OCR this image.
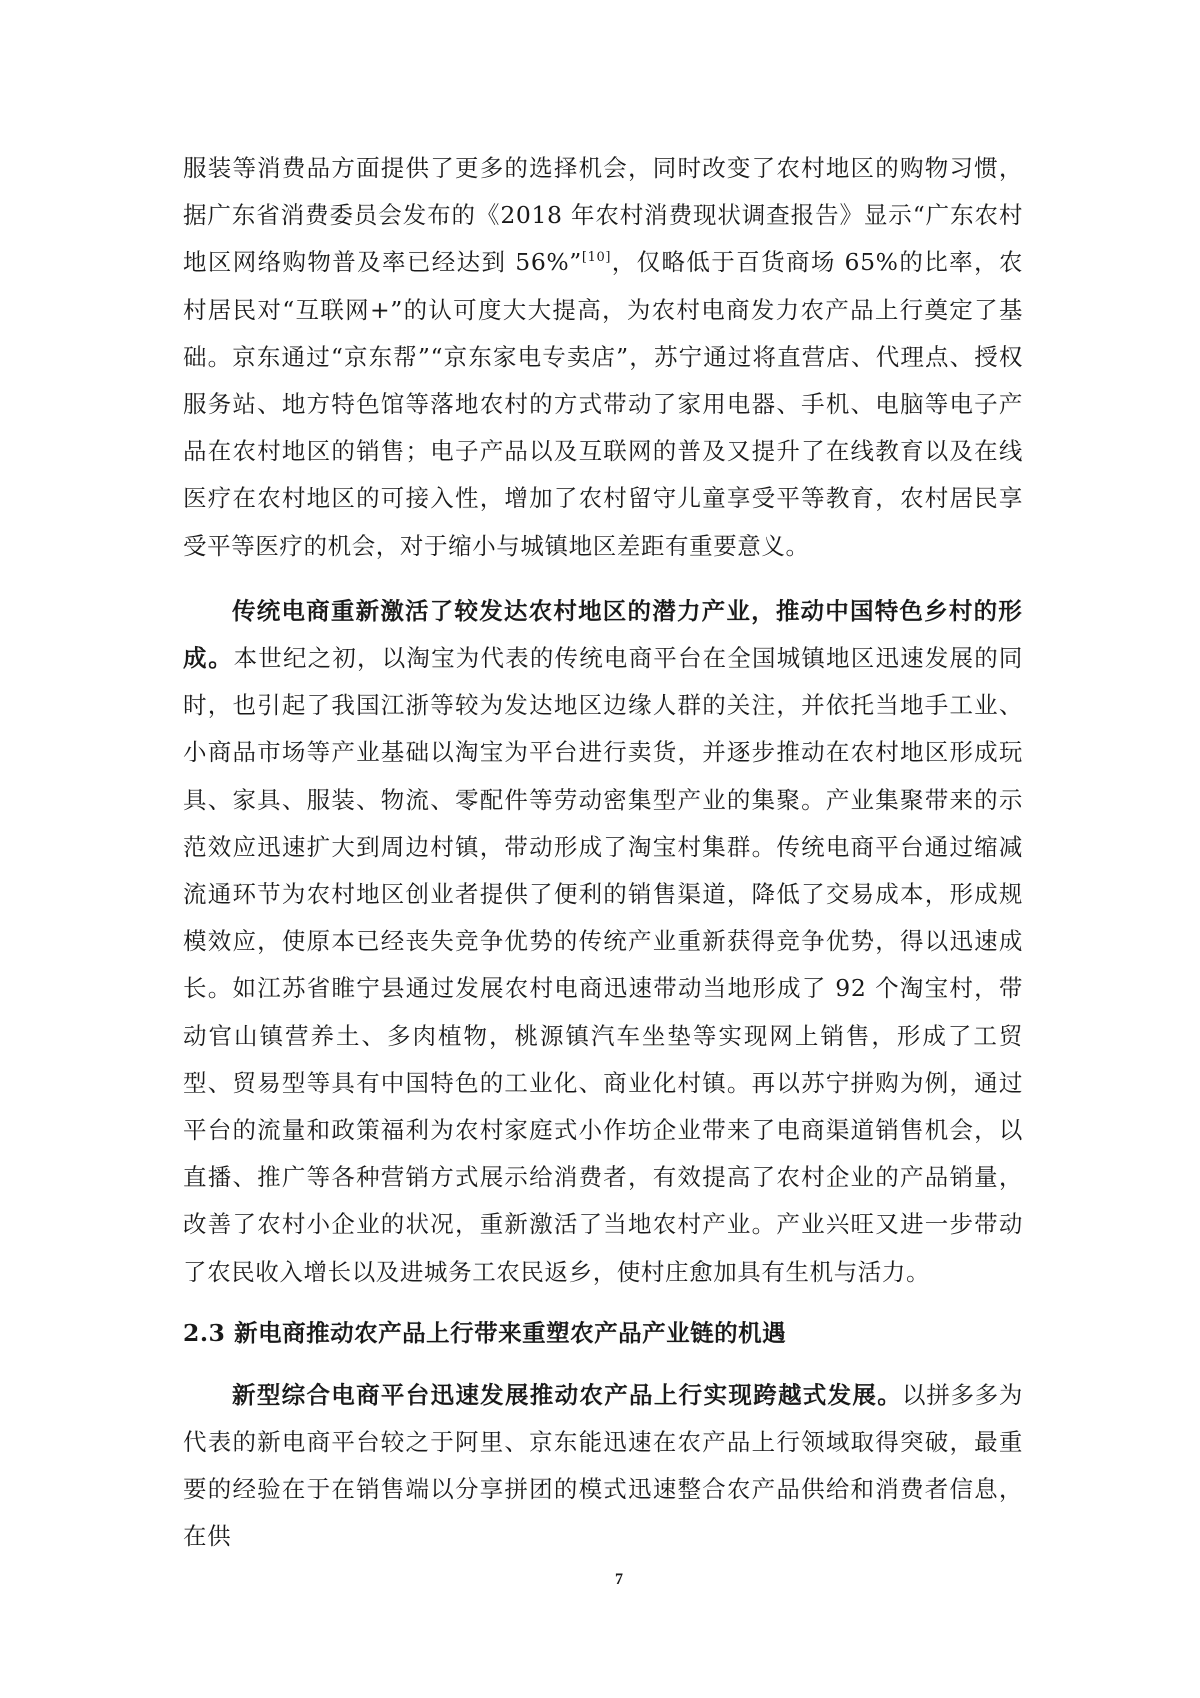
服装等消费品方面提供了更多的选择机会，同时改变了农村地区的购物习惯，据广东省消费委员会发布的《2018 年农村消费现状调查报告》显示“广东农村地区网络购物普及率已经达到 56%”[10]，仅略低于百货商场 65%的比率，农村居民对“互联网+”的认可度大大提高，为农村电商发力农产品上行奠定了基础。京东通过“京东帮”“京东家电专卖店”，苏宁通过将直营店、代理点、授权服务站、地方特色馆等落地农村的方式带动了家用电器、手机、电脑等电子产品在农村地区的销售；电子产品以及互联网的普及又提升了在线教育以及在线医疗在农村地区的可接入性，增加了农村留守儿童享受平等教育，农村居民享受平等医疗的机会，对于缩小与城镇地区差距有重要意义。

传统电商重新激活了较发达农村地区的潜力产业，推动中国特色乡村的形成。本世纪之初，以淘宝为代表的传统电商平台在全国城镇地区迅速发展的同时，也引起了我国江浙等较为发达地区边缘人群的关注，并依托当地手工业、小商品市场等产业基础以淘宝为平台进行卖货，并逐步推动在农村地区形成玩具、家具、服装、物流、零配件等劳动密集型产业的集聚。产业集聚带来的示范效应迅速扩大到周边村镇，带动形成了淘宝村集群。传统电商平台通过缩减流通环节为农村地区创业者提供了便利的销售渠道，降低了交易成本，形成规模效应，使原本已经丧失竞争优势的传统产业重新获得竞争优势，得以迅速成长。如江苏省睢宁县通过发展农村电商迅速带动当地形成了 92 个淘宝村，带动官山镇营养土、多肉植物，桃源镇汽车坐垫等实现网上销售，形成了工贸型、贸易型等具有中国特色的工业化、商业化村镇。再以苏宁拼购为例，通过平台的流量和政策福利为农村家庭式小作坊企业带来了电商渠道销售机会，以直播、推广等各种营销方式展示给消费者，有效提高了农村企业的产品销量，改善了农村小企业的状况，重新激活了当地农村产业。产业兴旺又进一步带动了农民收入增长以及进城务工农民返乡，使村庄愈加具有生机与活力。

2.3 新电商推动农产品上行带来重塑农产品产业链的机遇

新型综合电商平台迅速发展推动农产品上行实现跨越式发展。以拼多多为代表的新电商平台较之于阿里、京东能迅速在农产品上行领域取得突破，最重要的经验在于在销售端以分享拼团的模式迅速整合农产品供给和消费者信息，在供

7
